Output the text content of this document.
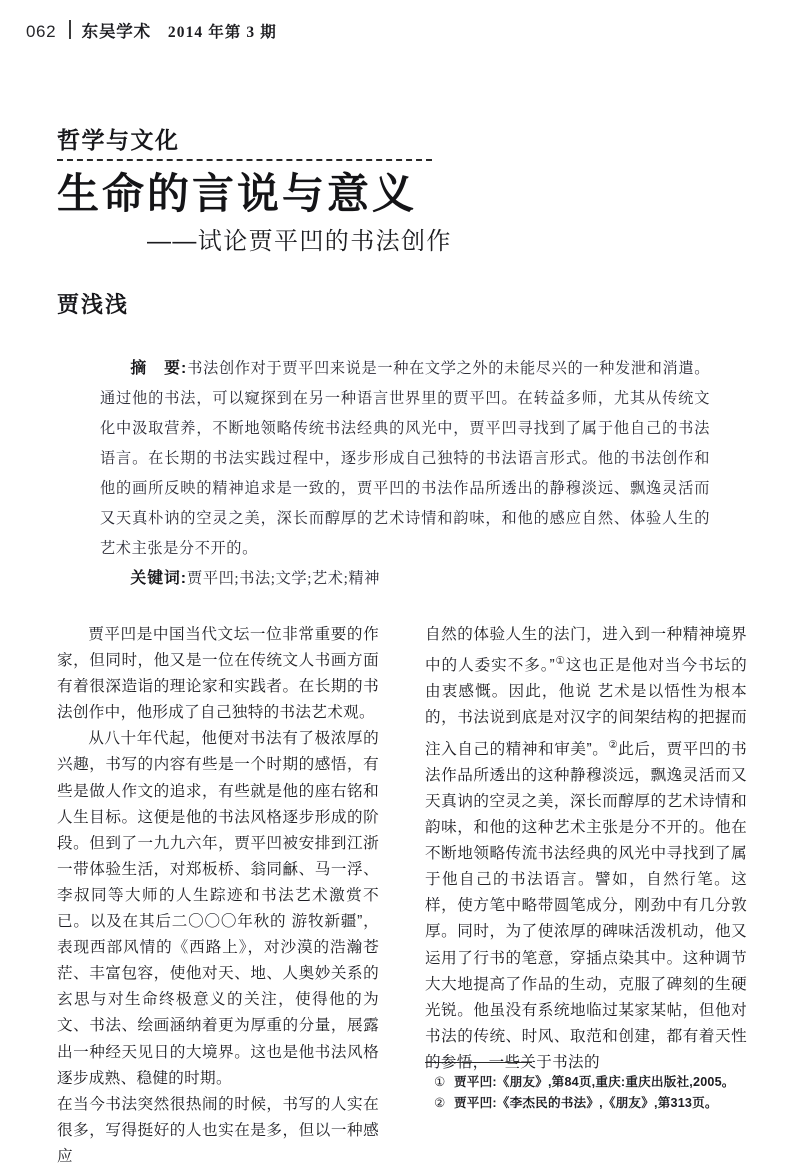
062 东吴学术 2014 年第 3 期
哲学与文化
生命的言说与意义
——试论贾平凹的书法创作
贾浅浅

摘　要:书法创作对于贾平凹来说是一种在文学之外的未能尽兴的一种发泄和消遣。通过他的书法，可以窥探到在另一种语言世界里的贾平凹。在转益多师，尤其从传统文化中汲取营养，不断地领略传统书法经典的风光中，贾平凹寻找到了属于他自己的书法语言。在长期的书法实践过程中，逐步形成自己独特的书法语言形式。他的书法创作和他的画所反映的精神追求是一致的，贾平凹的书法作品所透出的静穆淡远、飘逸灵活而又天真朴讷的空灵之美，深长而醇厚的艺术诗情和韵味，和他的感应自然、体验人生的艺术主张是分不开的。

关键词:贾平凹;书法;文学;艺术;精神

贾平凹是中国当代文坛一位非常重要的作家，但同时，他又是一位在传统文人书画方面有着很深造诣的理论家和实践者。在长期的书法创作中，他形成了自己独特的书法艺术观。

从八十年代起，他便对书法有了极浓厚的兴趣，书写的内容有些是一个时期的感悟，有些是做人作文的追求，有些就是他的座右铭和人生目标。这便是他的书法风格逐步形成的阶段。但到了一九九六年，贾平凹被安排到江浙一带体验生活，对郑板桥、翁同龢、马一浮、李叔同等大师的人生踪迹和书法艺术激赏不已。以及在其后二〇〇〇年秋的 游牧新疆”，表现西部风情的《西路上》，对沙漠的浩瀚苍茫、丰富包容，使他对天、地、人奥妙关系的玄思与对生命终极意义的关注，使得他的为文、书法、绘画涵纳着更为厚重的分量，展露出一种经天见日的大境界。这也是他书法风格逐步成熟、稳健的时期。

在当今书法突然很热闹的时候，书写的人实在很多，写得挺好的人也实在是多，但以一种感应

自然的体验人生的法门，进入到一种精神境界中的人委实不多。”①这也正是他对当今书坛的由衷感慨。因此，他说 艺术是以悟性为根本的，书法说到底是对汉字的间架结构的把握而注入自己的精神和审美”。②此后，贾平凹的书法作品所透出的这种静穆淡远，飘逸灵活而又天真讷的空灵之美，深长而醇厚的艺术诗情和韵味，和他的这种艺术主张是分不开的。他在不断地领略传流书法经典的风光中寻找到了属于他自己的书法语言。譬如，自然行笔。这样，使方笔中略带圆笔成分，刚劲中有几分敦厚。同时，为了使浓厚的碑味活泼机动，他又运用了行书的笔意，穿插点染其中。这种调节大大地提高了作品的生动，克服了碑刻的生硬光锐。他虽没有系统地临过某家某帖，但他对书法的传统、时风、取范和创建，都有着天性的参悟，一些关于书法的

① 贾平凹:《朋友》,第84页,重庆:重庆出版社,2005。
② 贾平凹:《李杰民的书法》,《朋友》,第313页。
